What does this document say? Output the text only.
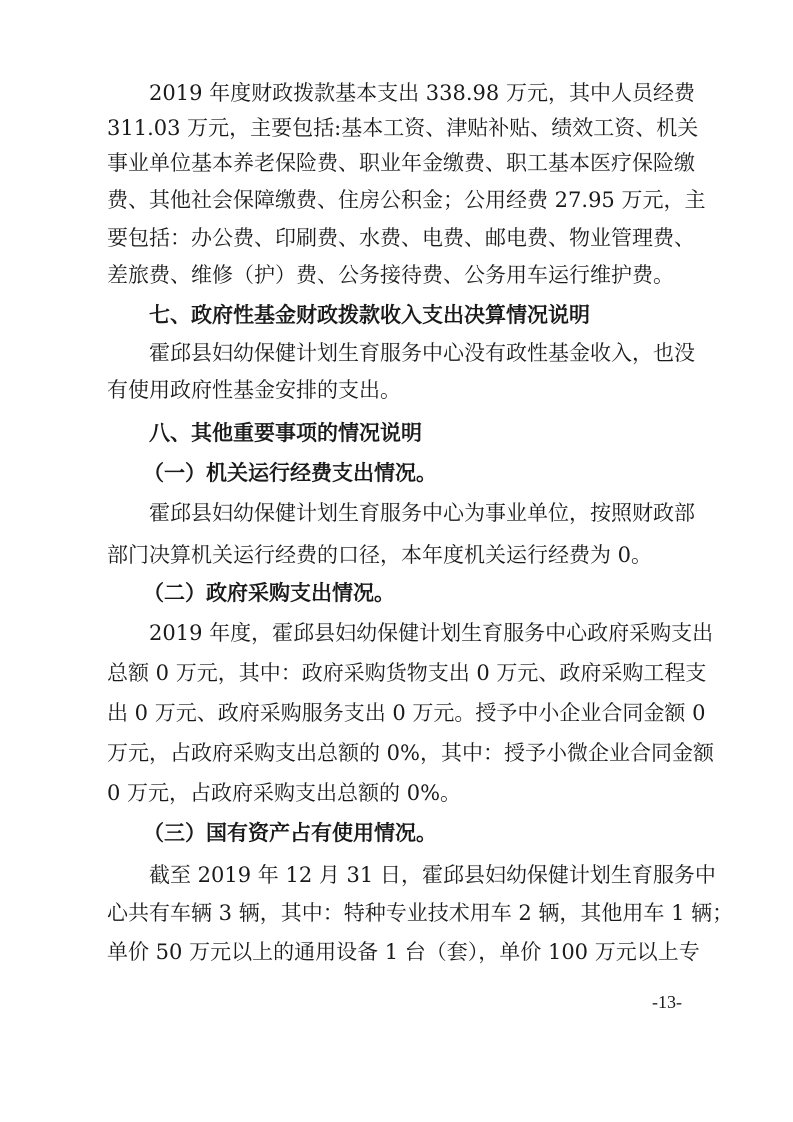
2019 年度财政拨款基本支出 338.98 万元，其中人员经费
311.03 万元，主要包括:基本工资、津贴补贴、绩效工资、机关
事业单位基本养老保险费、职业年金缴费、职工基本医疗保险缴
费、其他社会保障缴费、住房公积金；公用经费 27.95 万元，主
要包括：办公费、印刷费、水费、电费、邮电费、物业管理费、
差旅费、维修（护）费、公务接待费、公务用车运行维护费。
七、政府性基金财政拨款收入支出决算情况说明
霍邱县妇幼保健计划生育服务中心没有政性基金收入，也没
有使用政府性基金安排的支出。
八、其他重要事项的情况说明
（一）机关运行经费支出情况。
霍邱县妇幼保健计划生育服务中心为事业单位，按照财政部
部门决算机关运行经费的口径，本年度机关运行经费为 0。
（二）政府采购支出情况。
2019 年度，霍邱县妇幼保健计划生育服务中心政府采购支出
总额 0 万元，其中：政府采购货物支出 0 万元、政府采购工程支
出 0 万元、政府采购服务支出 0 万元。授予中小企业合同金额 0
万元，占政府采购支出总额的 0%，其中：授予小微企业合同金额
0 万元，占政府采购支出总额的 0%。
（三）国有资产占有使用情况。
截至 2019 年 12 月 31 日，霍邱县妇幼保健计划生育服务中
心共有车辆 3 辆，其中：特种专业技术用车 2 辆，其他用车 1 辆；
单价 50 万元以上的通用设备 1 台（套），单价 100 万元以上专
-13-
